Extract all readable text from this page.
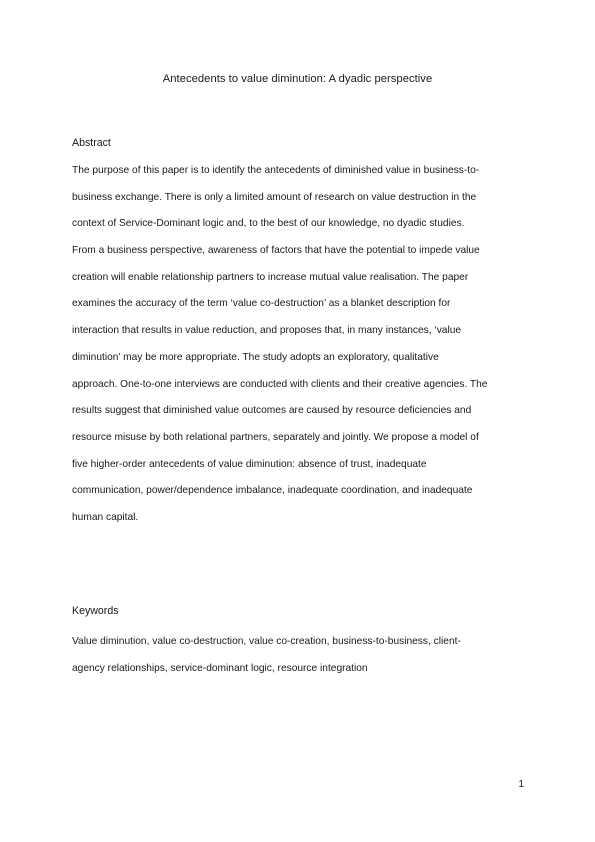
Antecedents to value diminution: A dyadic perspective
Abstract
The purpose of this paper is to identify the antecedents of diminished value in business-to-
business exchange. There is only a limited amount of research on value destruction in the
context of Service-Dominant logic and, to the best of our knowledge, no dyadic studies.
From a business perspective, awareness of factors that have the potential to impede value
creation will enable relationship partners to increase mutual value realisation. The paper
examines the accuracy of the term ‘value co-destruction’ as a blanket description for
interaction that results in value reduction, and proposes that, in many instances, ‘value
diminution’ may be more appropriate. The study adopts an exploratory, qualitative
approach. One-to-one interviews are conducted with clients and their creative agencies. The
results suggest that diminished value outcomes are caused by resource deficiencies and
resource misuse by both relational partners, separately and jointly. We propose a model of
five higher-order antecedents of value diminution: absence of trust, inadequate
communication, power/dependence imbalance, inadequate coordination, and inadequate
human capital.
Keywords
Value diminution, value co-destruction, value co-creation, business-to-business, client-
agency relationships, service-dominant logic, resource integration
1
